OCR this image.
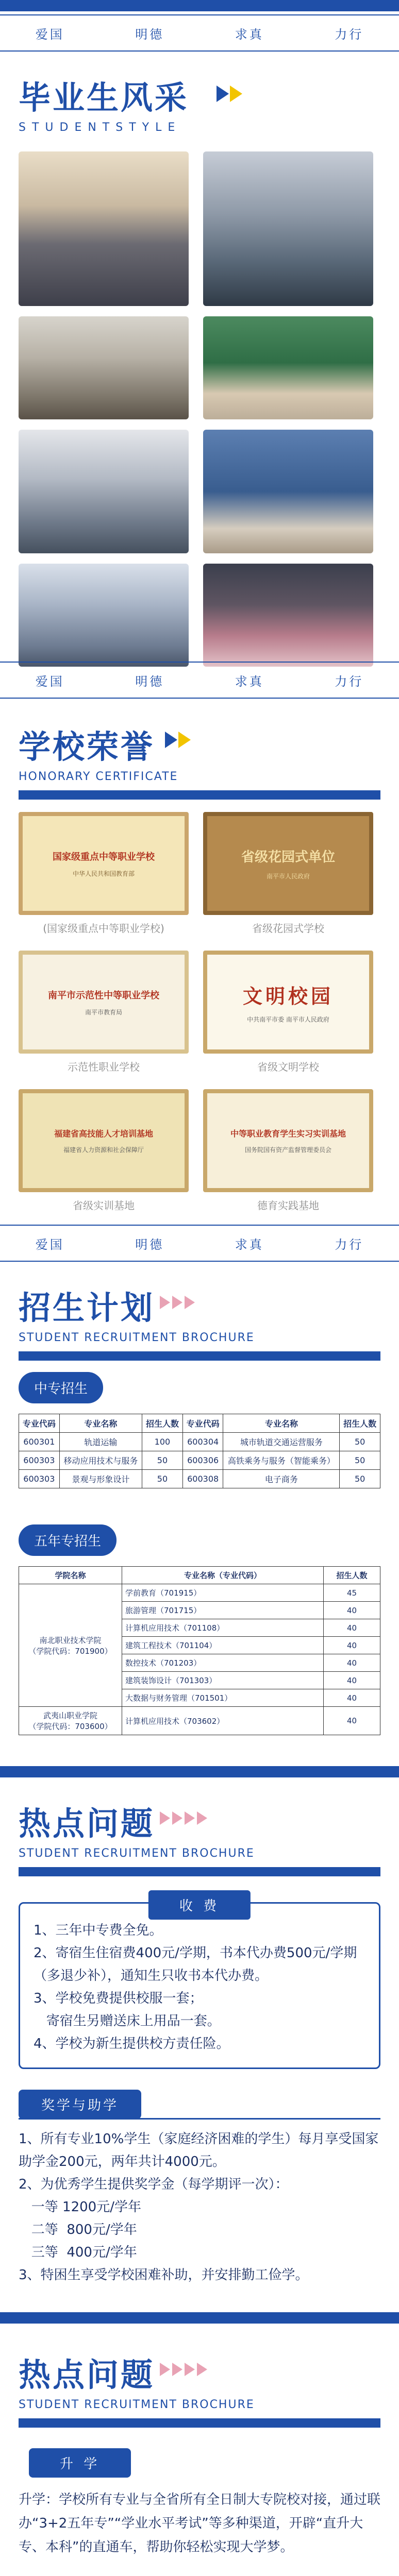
爱国	明德	求真	力行
毕业生风采
STUDENTSTYLE
爱国	明德	求真	力行
学校荣誉
HONORARY CERTIFICATE
国家级重点中等职业学校
中华人民共和国教育部
(国家级重点中等职业学校)
省级花园式单位
南平市人民政府
省级花园式学校
南平市示范性中等职业学校
南平市教育局
示范性职业学校
文明校园
中共南平市委 南平市人民政府
省级文明学校
福建省高技能人才培训基地
福建省人力资源和社会保障厅
省级实训基地
中等职业教育学生实习实训基地
国务院国有资产监督管理委员会
德育实践基地
爱国	明德	求真	力行
招生计划
STUDENT RECRUITMENT BROCHURE
中专招生
专业代码	专业名称	招生人数	专业代码	专业名称	招生人数
600301	轨道运输	100	600304	城市轨道交通运营服务	50
600303	移动应用技术与服务	50	600306	高铁乘务与服务（智能乘务）	50
600303	景观与形象设计	50	600308	电子商务	50
五年专招生
学院名称	专业名称（专业代码）	招生人数

南北职业技术学院
（学院代码：701900）	学前教育（701915）	45
	旅游管理（701715）	40
	计算机应用技术（701108）	40
	建筑工程技术（701104）	40
	数控技术（701203）	40
	建筑装饰设计（701303）	40
	大数据与财务管理（701501）	40

武夷山职业学院
（学院代码：703600）	计算机应用技术（703602）	40
热点问题
STUDENT RECRUITMENT BROCHURE
收 费

1、三年中专费全免。

2、寄宿生住宿费400元/学期，书本代办费500元/学期（多退少补），通知生只收书本代办费。

3、学校免费提供校服一套；

寄宿生另赠送床上用品一套。

4、学校为新生提供校方责任险。

奖学与助学

1、所有专业10%学生（家庭经济困难的学生）每月享受国家助学金200元，两年共计4000元。

2、为优秀学生提供奖学金（每学期评一次）：

一等 1200元/学年

二等  800元/学年

三等  400元/学年

3、特困生享受学校困难补助，并安排勤工俭学。

热点问题
STUDENT RECRUITMENT BROCHURE
升 学

升学：学校所有专业与全省所有全日制大专院校对接，通过联办“3+2五年专”“学业水平考试”等多种渠道，开辟“直升大专、本科”的直通车，帮助你轻松实现大学梦。
